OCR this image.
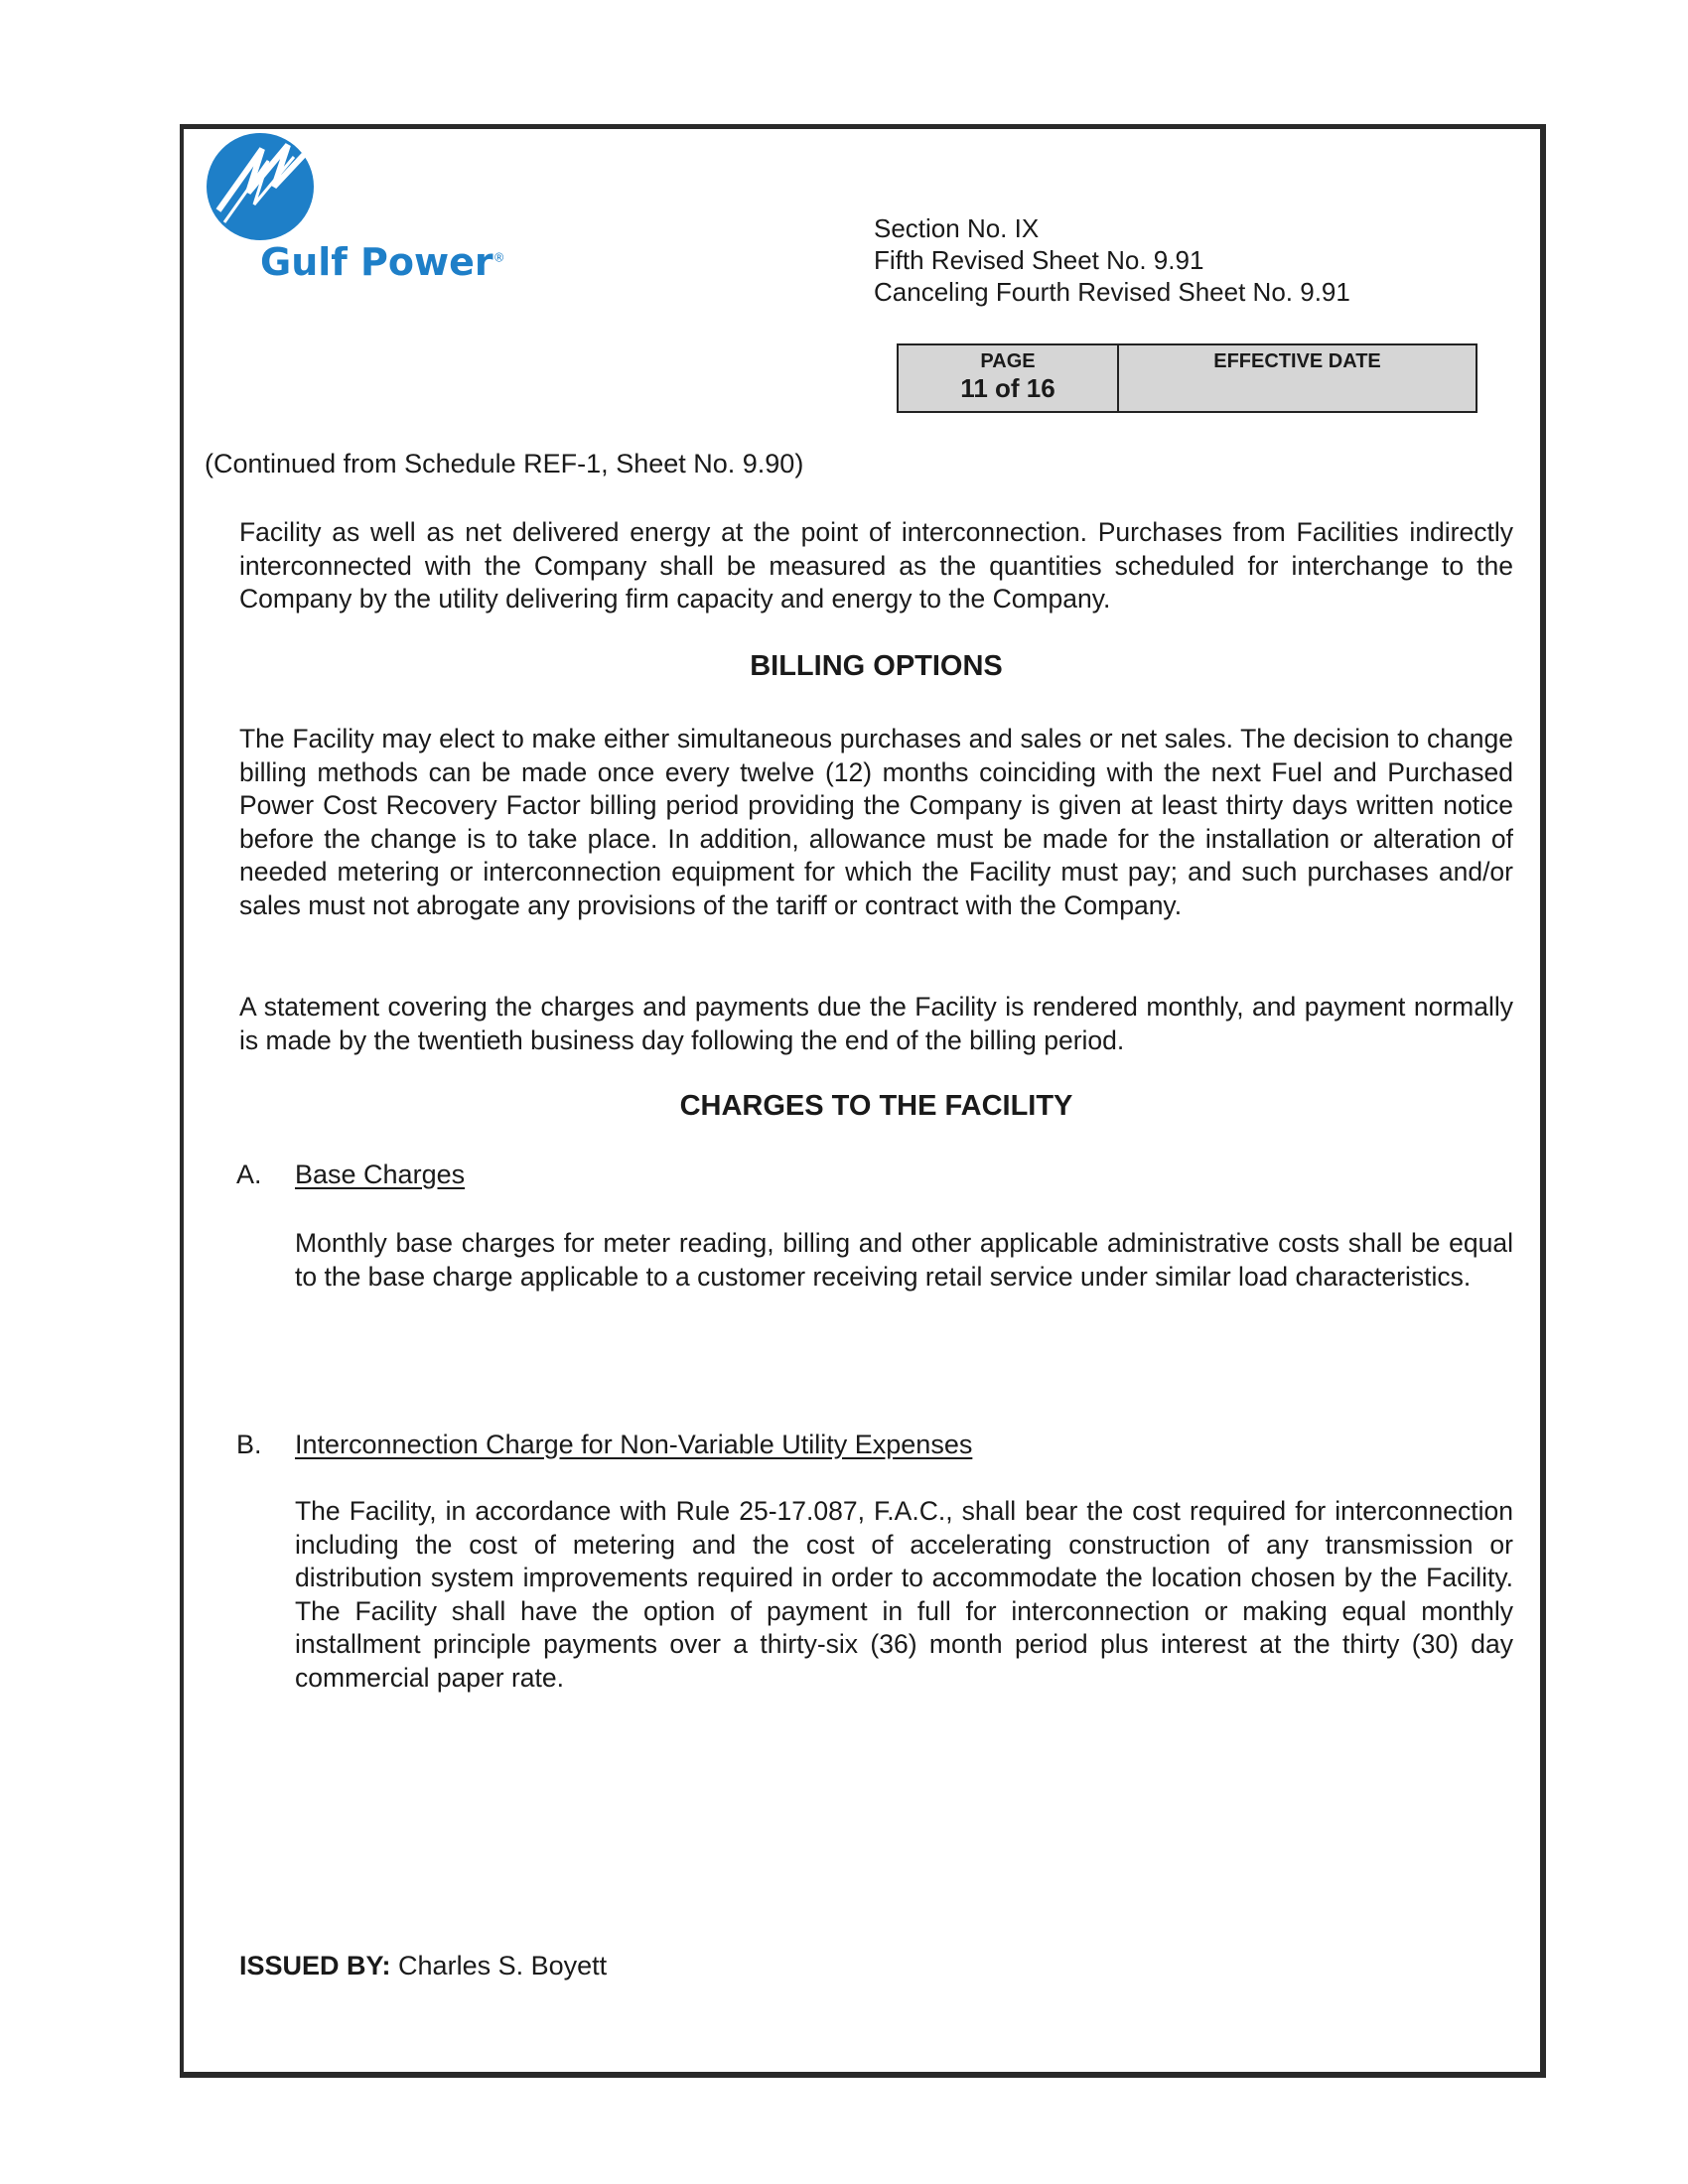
Gulf Power®
Section No. IX
Fifth Revised Sheet No. 9.91
Canceling Fourth Revised Sheet No. 9.91
PAGE
11 of 16
EFFECTIVE DATE
(Continued from Schedule REF-1, Sheet No. 9.90)

Facility as well as net delivered energy at the point of interconnection. Purchases from Facilities indirectly interconnected with the Company shall be measured as the quantities scheduled for interchange to the Company by the utility delivering firm capacity and energy to the Company.

BILLING OPTIONS

The Facility may elect to make either simultaneous purchases and sales or net sales. The decision to change billing methods can be made once every twelve (12) months coinciding with the next Fuel and Purchased Power Cost Recovery Factor billing period providing the Company is given at least thirty days written notice before the change is to take place. In addition, allowance must be made for the installation or alteration of needed metering or interconnection equipment for which the Facility must pay; and such purchases and/or sales must not abrogate any provisions of the tariff or contract with the Company.

A statement covering the charges and payments due the Facility is rendered monthly, and payment normally is made by the twentieth business day following the end of the billing period.

CHARGES TO THE FACILITY
A. Base Charges

Monthly base charges for meter reading, billing and other applicable administrative costs shall be equal to the base charge applicable to a customer receiving retail service under similar load characteristics.

B. Interconnection Charge for Non-Variable Utility Expenses

The Facility, in accordance with Rule 25-17.087, F.A.C., shall bear the cost required for interconnection including the cost of metering and the cost of accelerating construction of any transmission or distribution system improvements required in order to accommodate the location chosen by the Facility. The Facility shall have the option of payment in full for interconnection or making equal monthly installment principle payments over a thirty-six (36) month period plus interest at the thirty (30) day commercial paper rate.

ISSUED BY: Charles S. Boyett
